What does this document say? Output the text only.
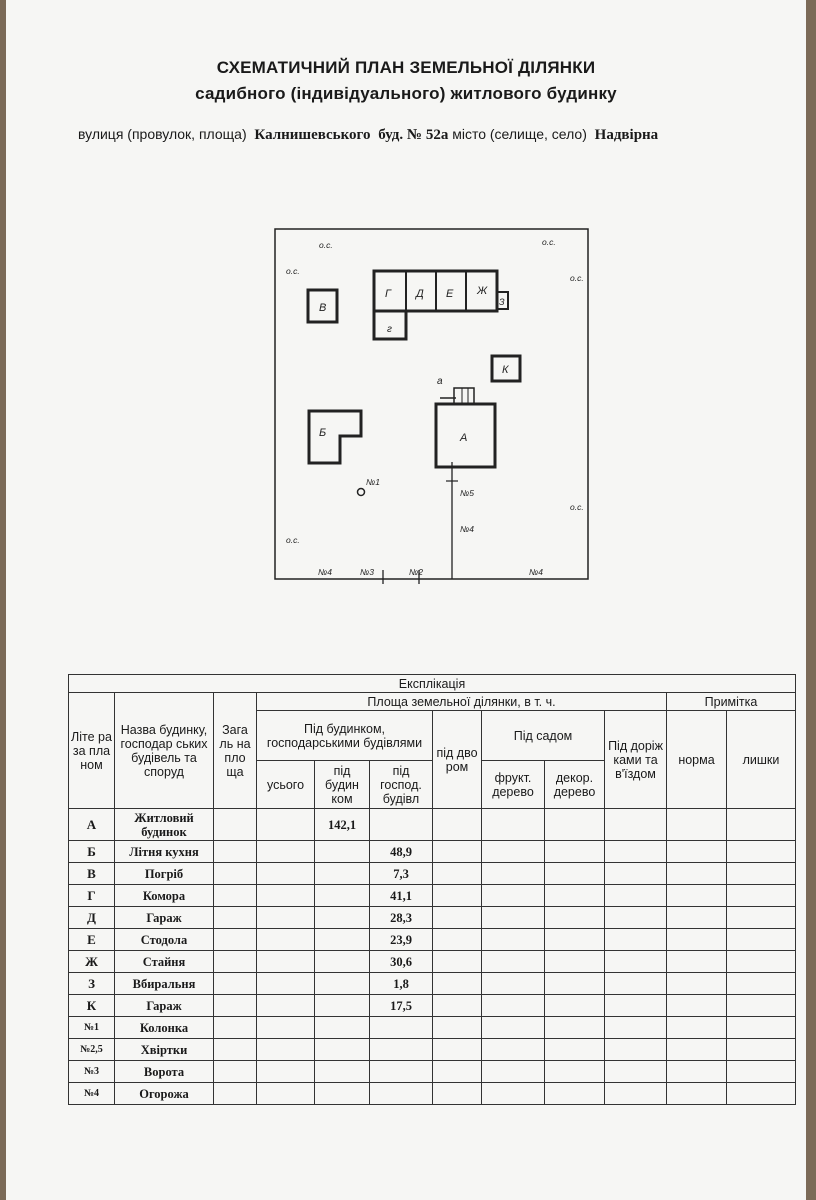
СХЕМАТИЧНИЙ ПЛАН ЗЕМЕЛЬНОЇ ДІЛЯНКИ
садибного (індивідуального) житлового будинку
вулиця (провулок, площа) Калнишевського буд. № 52а місто (селище, село) Надвірна
В
Г Д Е Ж
З
г
К
Б	А
а
о.с.	о.с.
о.с.
о.с.
о.с.
о.с.
№1
№5
№4
№4	№3	№2	№4
Експлікація											
Літе ра за пла ном	Назва будинку, господар ських будівель та споруд	Зага ль на пло ща	Площа земельної ділянки, в т. ч.							Примітка	
			Під будинком, господарськими будівлями			під дво ром	Під садом		Під доріж ками та в'їздом	норма	лишки

			усього	під будин ком	під господ. будівл		фрукт. дерево	декор. дерево			
А	Житловий будинок			142,1							
Б	Літня кухня				48,9						
В	Погріб				7,3						
Г	Комора				41,1						
Д	Гараж				28,3						
Е	Стодола				23,9						
Ж	Стайня				30,6						
З	Вбиральня				1,8						
К	Гараж				17,5						
№1	Колонка										
№2,5	Хвіртки										
№3	Ворота										
№4	Огорожа										
